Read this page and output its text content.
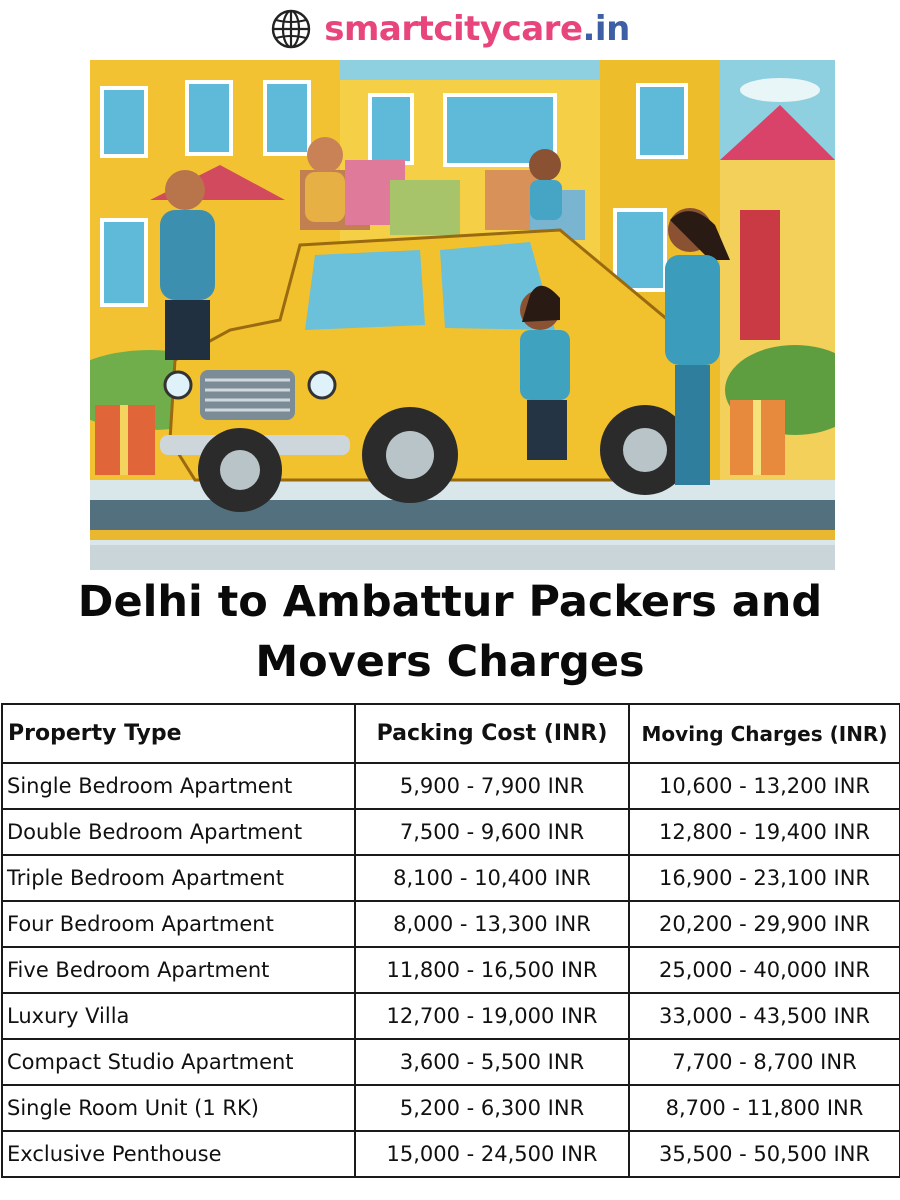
smartcitycare.in
Delhi to Ambattur Packers and
Movers Charges
Property Type	Packing Cost (INR)	Moving Charges (INR)
Single Bedroom Apartment	5,900 - 7,900 INR	10,600 - 13,200 INR
Double Bedroom Apartment	7,500 - 9,600 INR	12,800 - 19,400 INR
Triple Bedroom Apartment	8,100 - 10,400 INR	16,900 - 23,100 INR
Four Bedroom Apartment	8,000 - 13,300 INR	20,200 - 29,900 INR
Five Bedroom Apartment	11,800 - 16,500 INR	25,000 - 40,000 INR
Luxury Villa	12,700 - 19,000 INR	33,000 - 43,500 INR
Compact Studio Apartment	3,600 - 5,500 INR	7,700 - 8,700 INR
Single Room Unit (1 RK)	5,200 - 6,300 INR	8,700 - 11,800 INR
Exclusive Penthouse	15,000 - 24,500 INR	35,500 - 50,500 INR
